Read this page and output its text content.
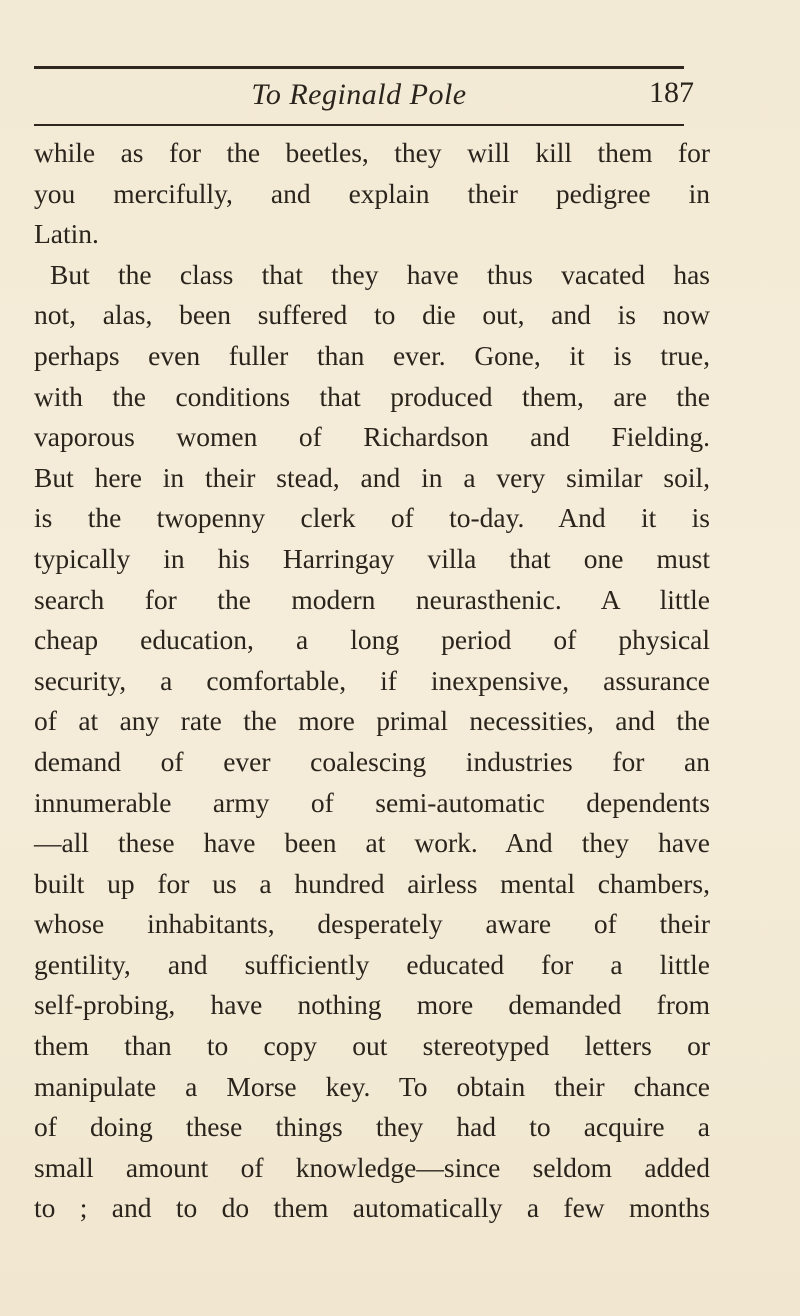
To Reginald Pole	187
while as for the beetles, they will kill them for
you mercifully, and explain their pedigree in
Latin.
But the class that they have thus vacated has
not, alas, been suffered to die out, and is now
perhaps even fuller than ever. Gone, it is true,
with the conditions that produced them, are the
vaporous women of Richardson and Fielding.
But here in their stead, and in a very similar soil,
is the twopenny clerk of to-day. And it is
typically in his Harringay villa that one must
search for the modern neurasthenic. A little
cheap education, a long period of physical
security, a comfortable, if inexpensive, assurance
of at any rate the more primal necessities, and the
demand of ever coalescing industries for an
innumerable army of semi-automatic dependents
—all these have been at work. And they have
built up for us a hundred airless mental chambers,
whose inhabitants, desperately aware of their
gentility, and sufficiently educated for a little
self-probing, have nothing more demanded from
them than to copy out stereotyped letters or
manipulate a Morse key. To obtain their chance
of doing these things they had to acquire a
small amount of knowledge—since seldom added
to ; and to do them automatically a few months
